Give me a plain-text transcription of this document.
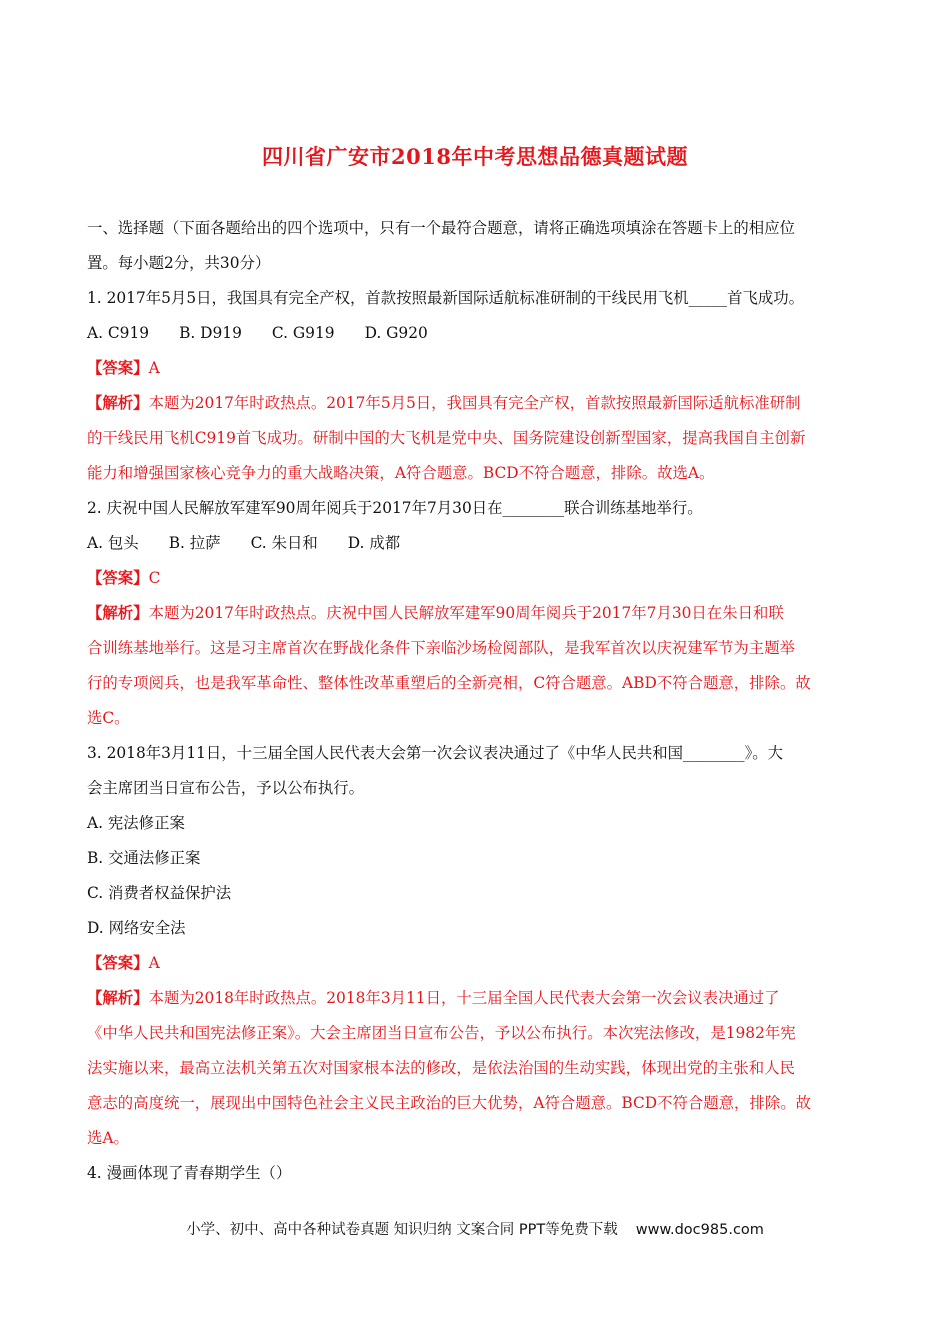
四川省广安市2018年中考思想品德真题试题
一、选择题（下面各题给出的四个选项中，只有一个最符合题意，请将正确选项填涂在答题卡上的相应位
置。每小题2分，共30分）
1. 2017年5月5日，我国具有完全产权，首款按照最新国际适航标准研制的干线民用飞机_____首飞成功。
A. C919 B. D919 C. G919 D. G920
【答案】A
【解析】本题为2017年时政热点。2017年5月5日，我国具有完全产权，首款按照最新国际适航标准研制
的干线民用飞机C919首飞成功。研制中国的大飞机是党中央、国务院建设创新型国家，提高我国自主创新
能力和增强国家核心竞争力的重大战略决策，A符合题意。BCD不符合题意，排除。故选A。
2. 庆祝中国人民解放军建军90周年阅兵于2017年7月30日在________联合训练基地举行。
A. 包头 B. 拉萨 C. 朱日和 D. 成都
【答案】C
【解析】本题为2017年时政热点。庆祝中国人民解放军建军90周年阅兵于2017年7月30日在朱日和联
合训练基地举行。这是习主席首次在野战化条件下亲临沙场检阅部队，是我军首次以庆祝建军节为主题举
行的专项阅兵，也是我军革命性、整体性改革重塑后的全新亮相，C符合题意。ABD不符合题意，排除。故
选C。
3. 2018年3月11日，十三届全国人民代表大会第一次会议表决通过了《中华人民共和国________》。大
会主席团当日宣布公告，予以公布执行。
A. 宪法修正案
B. 交通法修正案
C. 消费者权益保护法
D. 网络安全法
【答案】A
【解析】本题为2018年时政热点。2018年3月11日，十三届全国人民代表大会第一次会议表决通过了
《中华人民共和国宪法修正案》。大会主席团当日宣布公告，予以公布执行。本次宪法修改，是1982年宪
法实施以来，最高立法机关第五次对国家根本法的修改，是依法治国的生动实践，体现出党的主张和人民
意志的高度统一，展现出中国特色社会主义民主政治的巨大优势，A符合题意。BCD不符合题意，排除。故
选A。
4. 漫画体现了青春期学生（）
小学、初中、高中各种试卷真题 知识归纳 文案合同 PPT等免费下载 www.doc985.com
